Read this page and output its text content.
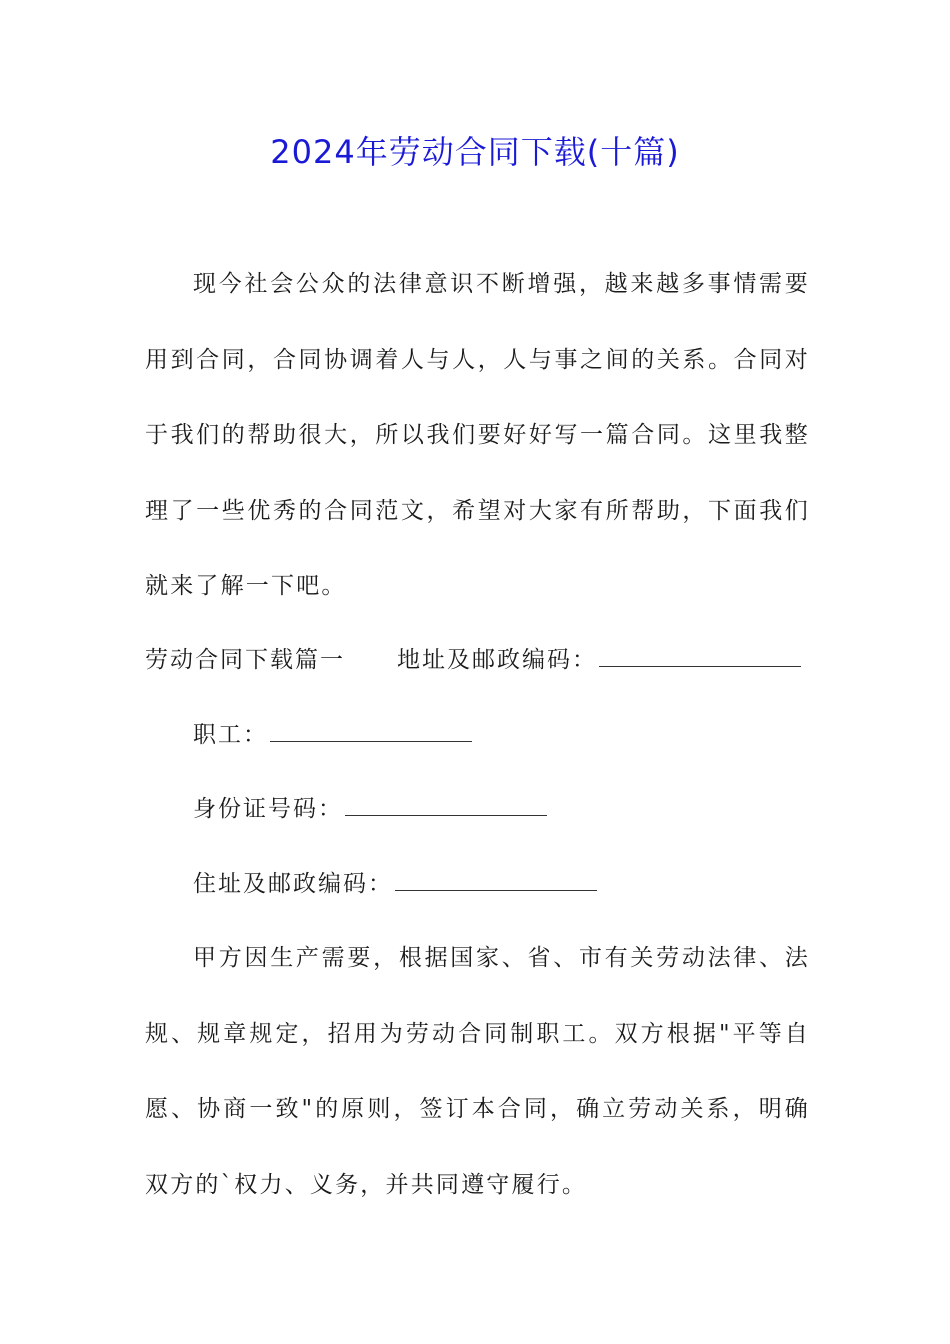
2024年劳动合同下载(十篇)

现今社会公众的法律意识不断增强，越来越多事情需要用到合同，合同协调着人与人，人与事之间的关系。合同对于我们的帮助很大，所以我们要好好写一篇合同。这里我整理了一些优秀的合同范文，希望对大家有所帮助，下面我们就来了解一下吧。

劳动合同下载篇一 地址及邮政编码：
职工：
身份证号码：
住址及邮政编码：

甲方因生产需要，根据国家、省、市有关劳动法律、法规、规章规定，招用为劳动合同制职工。双方根据"平等自愿、协商一致"的原则，签订本合同，确立劳动关系，明确双方的`权力、义务，并共同遵守履行。
